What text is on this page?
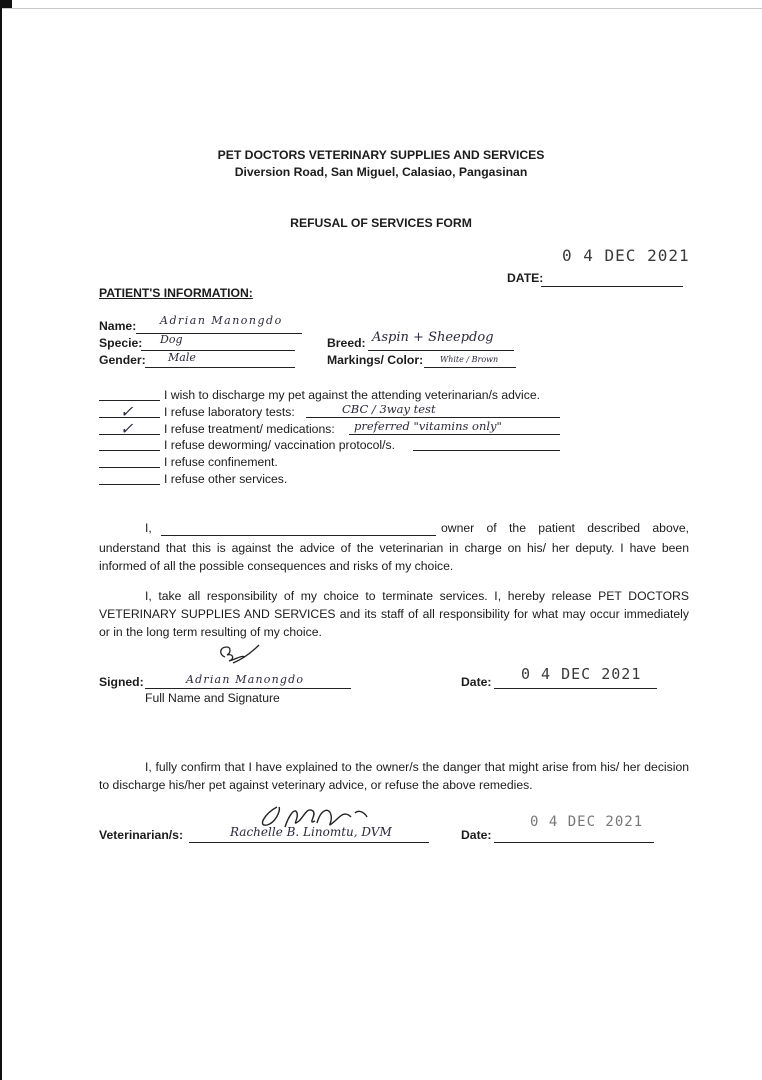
PET DOCTORS VETERINARY SUPPLIES AND SERVICES
Diversion Road, San Miguel, Calasiao, Pangasinan
REFUSAL OF SERVICES FORM
0 4 DEC 2021
DATE:
PATIENT'S INFORMATION:
Name: Adrian Manongdo
Specie: Dog
Gender: Male
Breed: Aspin + Sheepdog
Markings/ Color: White / Brown
I wish to discharge my pet against the attending veterinarian/s advice.
✓	I refuse laboratory tests:	CBC / 3way test
✓	I refuse treatment/ medications: preferred "vitamins only"
I refuse deworming/ vaccination protocol/s.
I refuse confinement.
I refuse other services.
I,	owner of the patient described above,
understand that this is against the advice of the veterinarian in charge on his/ her deputy. I have been informed of all the possible consequences and risks of my choice.
I, take all responsibility of my choice to terminate services. I, hereby release PET DOCTORS VETERINARY SUPPLIES AND SERVICES and its staff of all responsibility for what may occur immediately or in the long term resulting of my choice.
Signed:	Adrian Manongdo
Full Name and Signature
Date: 0 4 DEC 2021
I, fully confirm that I have explained to the owner/s the danger that might arise from his/ her decision to discharge his/her pet against veterinary advice, or refuse the above remedies.
Veterinarian/s:	Rachelle B. Linomtu, DVM	Date:
0 4 DEC 2021
